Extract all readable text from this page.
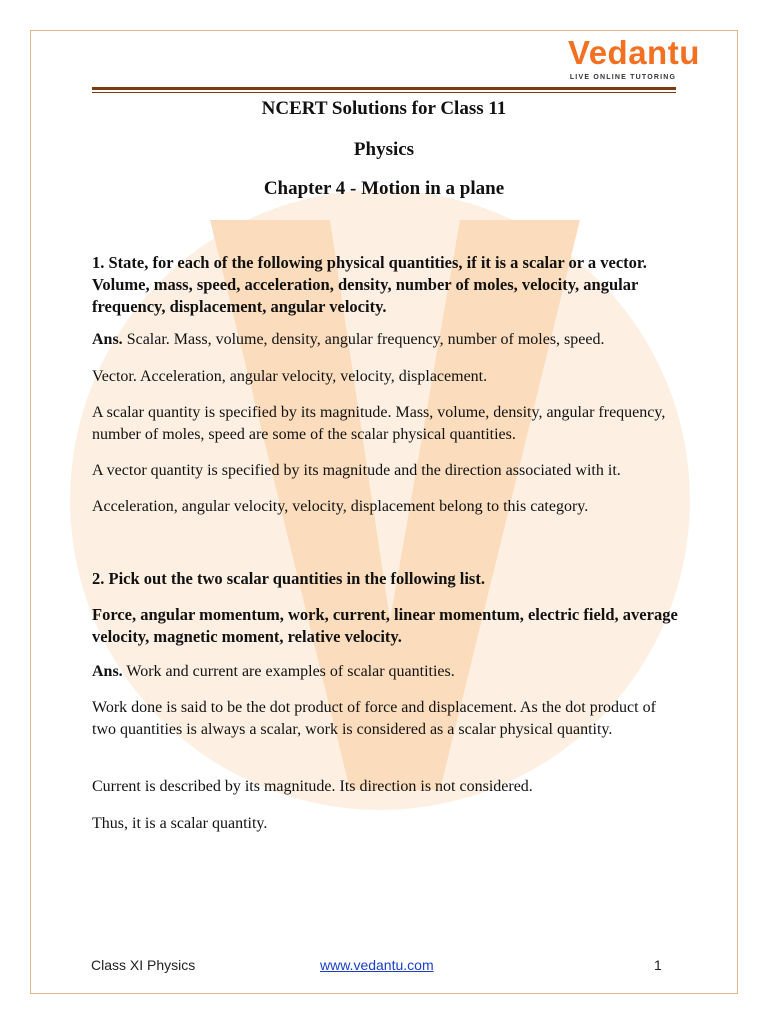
Vedantu
LIVE ONLINE TUTORING
NCERT Solutions for Class 11
Physics
Chapter 4 - Motion in a plane

1. State, for each of the following physical quantities, if it is a scalar or a vector. Volume, mass, speed, acceleration, density, number of moles, velocity, angular frequency, displacement, angular velocity.

Ans. Scalar. Mass, volume, density, angular frequency, number of moles, speed.

Vector. Acceleration, angular velocity, velocity, displacement.

A scalar quantity is specified by its magnitude. Mass, volume, density, angular frequency, number of moles, speed are some of the scalar physical quantities.

A vector quantity is specified by its magnitude and the direction associated with it.

Acceleration, angular velocity, velocity, displacement belong to this category.

2. Pick out the two scalar quantities in the following list.

Force, angular momentum, work, current, linear momentum, electric field, average velocity, magnetic moment, relative velocity.

Ans. Work and current are examples of scalar quantities.

Work done is said to be the dot product of force and displacement. As the dot product of two quantities is always a scalar, work is considered as a scalar physical quantity.

Current is described by its magnitude. Its direction is not considered.

Thus, it is a scalar quantity.

Class XI Physics	www.vedantu.com	1
